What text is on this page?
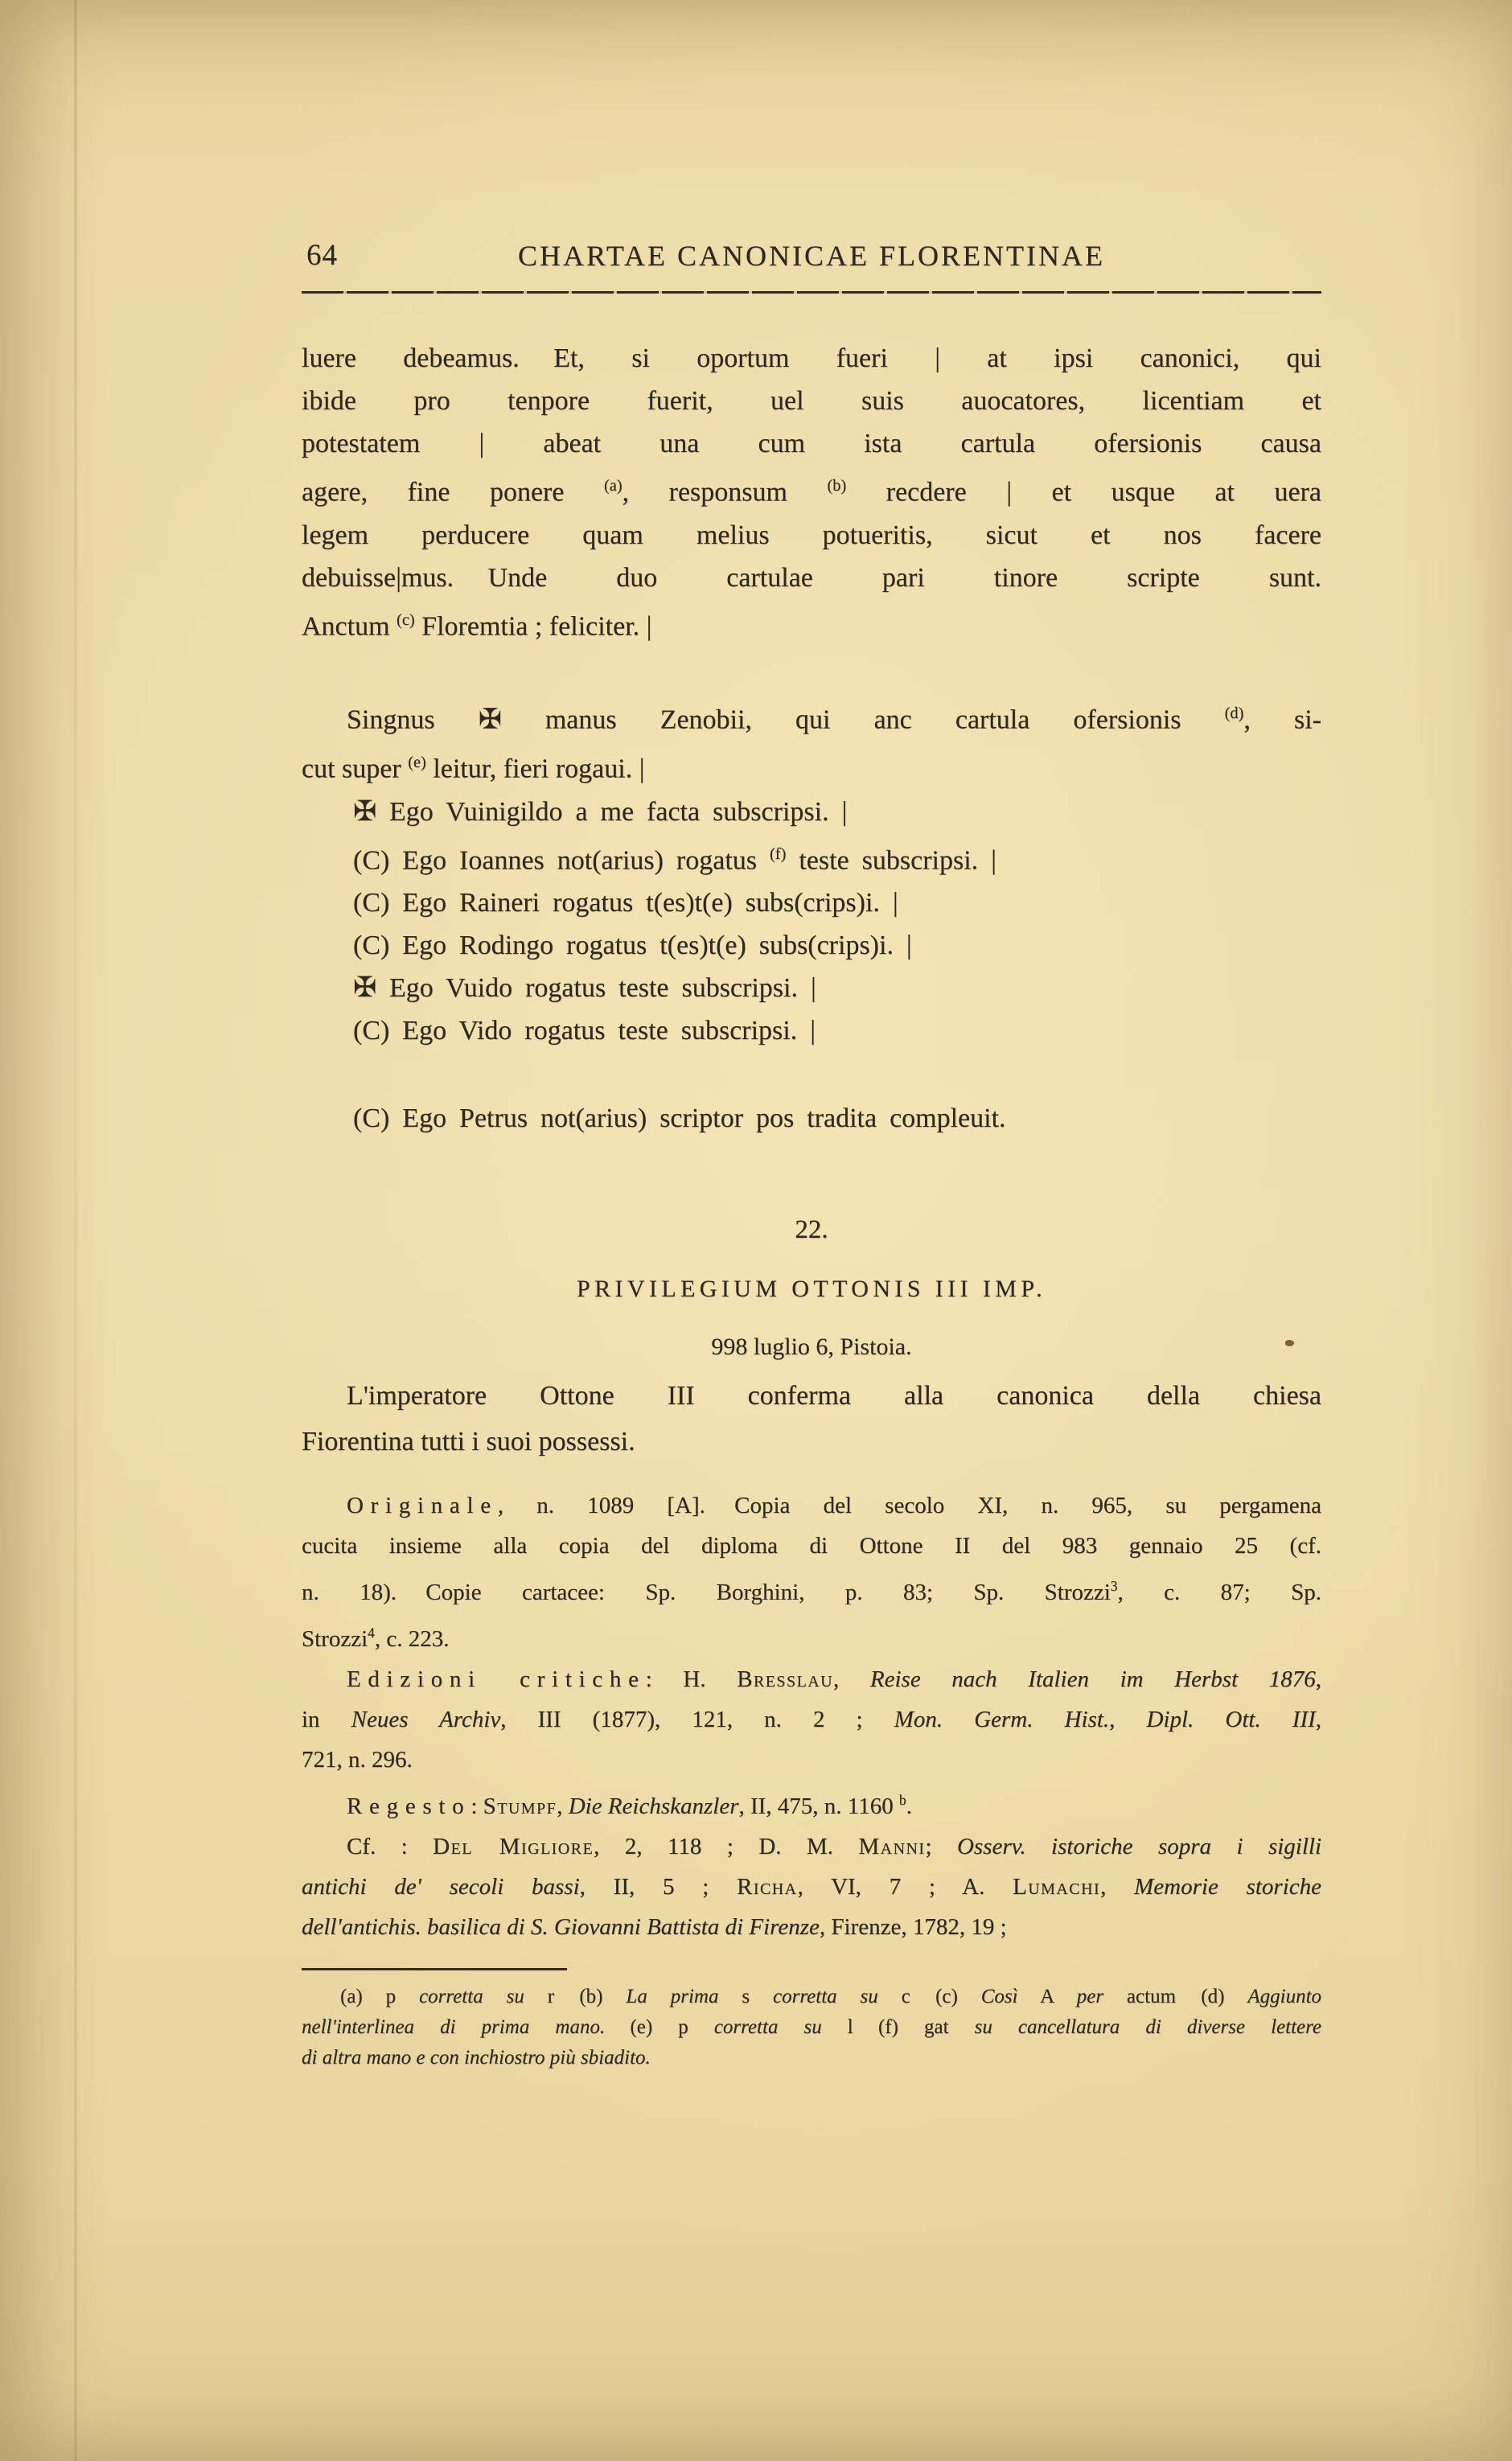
64	CHARTAE CANONICAE FLORENTINAE
luere debeamus. Et, si oportum fueri | at ipsi canonici, qui
ibide pro tenpore fuerit, uel suis auocatores, licentiam et
potestatem | abeat una cum ista cartula ofersionis causa
agere, fine ponere $^{(a)}$, responsum $^{(b)}$ recdere | et usque at uera
legem perducere quam melius potueritis, sicut et nos facere
debuisse|mus. Unde duo cartulae pari tinore scripte sunt.
Anctum $^{(c)}$ Floremtia ; feliciter. |
Singnus ✠ manus Zenobii, qui anc cartula ofersionis $^{(d)}$, si-
cut super $^{(e)}$ leitur, fieri rogaui. |
✠ Ego Vuinigildo a me facta subscripsi. |
(C) Ego Ioannes not(arius) rogatus $^{(f)}$ teste subscripsi. |
(C) Ego Raineri rogatus t(es)t(e) subs(crips)i. |
(C) Ego Rodingo rogatus t(es)t(e) subs(crips)i. |
✠ Ego Vuido rogatus teste subscripsi. |
(C) Ego Vido rogatus teste subscripsi. |
(C) Ego Petrus not(arius) scriptor pos tradita compleuit.
22.
PRIVILEGIUM OTTONIS III IMP.
998 luglio 6, Pistoia.
L'imperatore Ottone III conferma alla canonica della chiesa
Fiorentina tutti i suoi possessi.
Originale, n. 1089 [A]. Copia del secolo XI, n. 965, su pergamena
cucita insieme alla copia del diploma di Ottone II del 983 gennaio 25 (cf.
n. 18). Copie cartacee: Sp. Borghini, p. 83; Sp. Strozzi$^3$, c. 87; Sp.
Strozzi$^4$, c. 223.
Edizioni critiche: H. Bresslau, Reise nach Italien im Herbst 1876,
in Neues Archiv, III (1877), 121, n. 2 ; Mon. Germ. Hist., Dipl. Ott. III,
721, n. 296.
Regesto: Stumpf, Die Reichskanzler, II, 475, n. 1160 $^b$.
Cf. : Del Migliore, 2, 118 ; D. M. Manni; Osserv. istoriche sopra i sigilli
antichi de' secoli bassi, II, 5 ; Richa, VI, 7 ; A. Lumachi, Memorie storiche
dell'antichis. basilica di S. Giovanni Battista di Firenze, Firenze, 1782, 19 ;
(a) p corretta su r (b) La prima s corretta su c (c) Così A per actum (d) Aggiunto
nell'interlinea di prima mano. (e) p corretta su l (f) gat su cancellatura di diverse lettere
di altra mano e con inchiostro più sbiadito.
